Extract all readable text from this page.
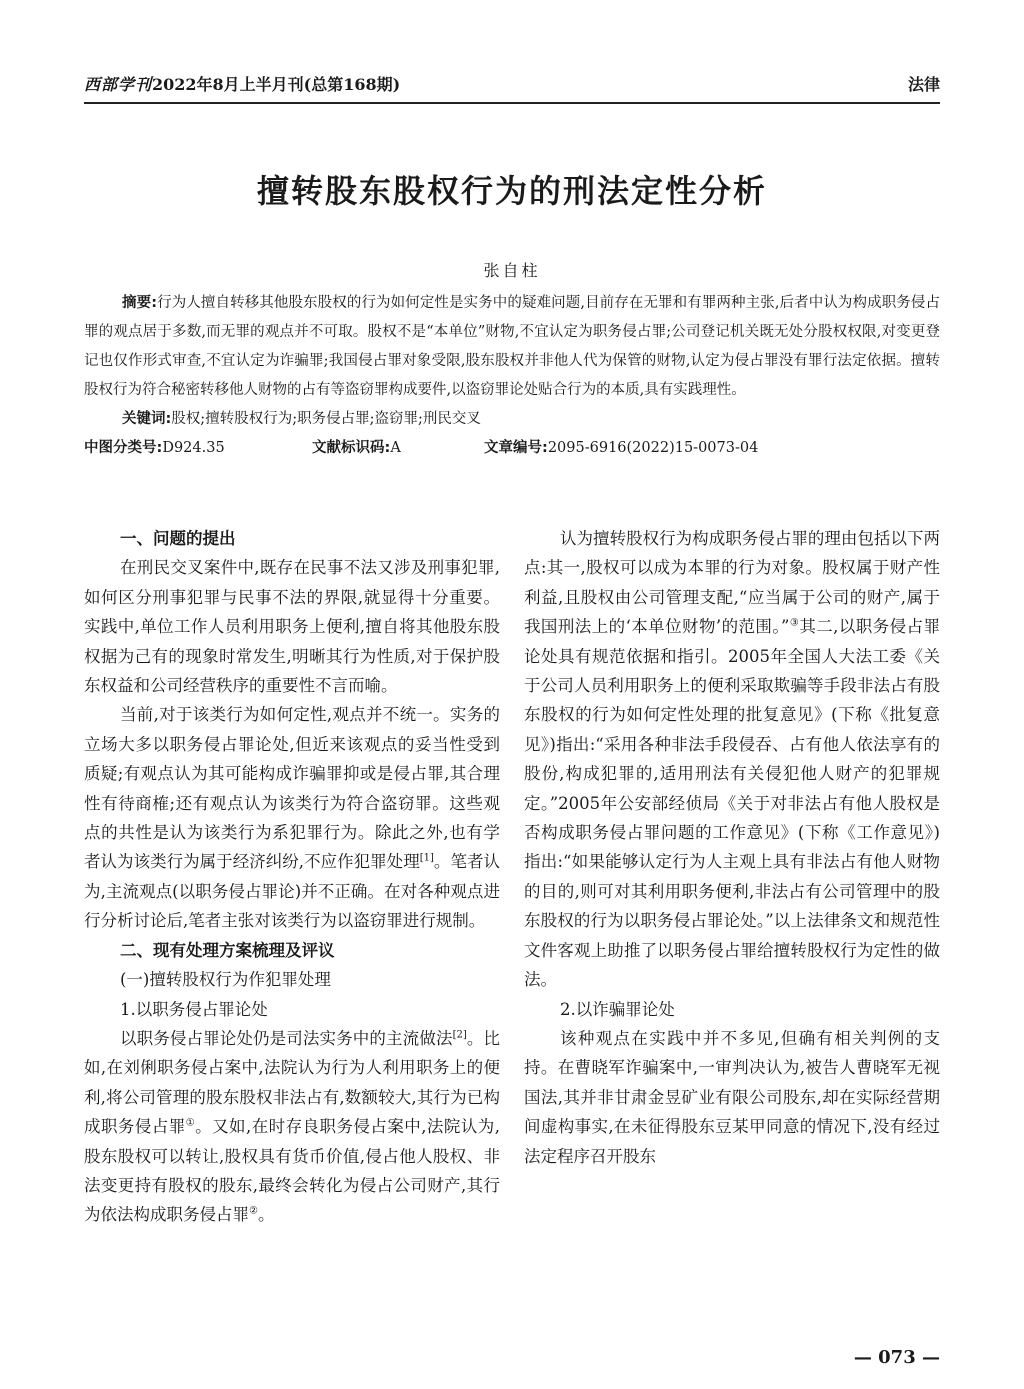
西部学刊2022年8月上半月刊(总第168期)	法律
擅转股东股权行为的刑法定性分析
张自柱

摘要:行为人擅自转移其他股东股权的行为如何定性是实务中的疑难问题,目前存在无罪和有罪两种主张,后者中认为构成职务侵占罪的观点居于多数,而无罪的观点并不可取。股权不是“本单位”财物,不宜认定为职务侵占罪;公司登记机关既无处分股权权限,对变更登记也仅作形式审查,不宜认定为诈骗罪;我国侵占罪对象受限,股东股权并非他人代为保管的财物,认定为侵占罪没有罪行法定依据。擅转股权行为符合秘密转移他人财物的占有等盗窃罪构成要件,以盗窃罪论处贴合行为的本质,具有实践理性。

关键词:股权;擅转股权行为;职务侵占罪;盗窃罪;刑民交叉

中图分类号:D924.35	文献标识码:A	文章编号:2095-6916(2022)15-0073-04

一、问题的提出

在刑民交叉案件中,既存在民事不法又涉及刑事犯罪,如何区分刑事犯罪与民事不法的界限,就显得十分重要。实践中,单位工作人员利用职务上便利,擅自将其他股东股权据为己有的现象时常发生,明晰其行为性质,对于保护股东权益和公司经营秩序的重要性不言而喻。

当前,对于该类行为如何定性,观点并不统一。实务的立场大多以职务侵占罪论处,但近来该观点的妥当性受到质疑;有观点认为其可能构成诈骗罪抑或是侵占罪,其合理性有待商榷;还有观点认为该类行为符合盗窃罪。这些观点的共性是认为该类行为系犯罪行为。除此之外,也有学者认为该类行为属于经济纠纷,不应作犯罪处理[1]。笔者认为,主流观点(以职务侵占罪论)并不正确。在对各种观点进行分析讨论后,笔者主张对该类行为以盗窃罪进行规制。

二、现有处理方案梳理及评议

(一)擅转股权行为作犯罪处理

1.以职务侵占罪论处

以职务侵占罪论处仍是司法实务中的主流做法[2]。比如,在刘俐职务侵占案中,法院认为行为人利用职务上的便利,将公司管理的股东股权非法占有,数额较大,其行为已构成职务侵占罪①。又如,在时存良职务侵占案中,法院认为,股东股权可以转让,股权具有货币价值,侵占他人股权、非法变更持有股权的股东,最终会转化为侵占公司财产,其行为依法构成职务侵占罪②。

认为擅转股权行为构成职务侵占罪的理由包括以下两点:其一,股权可以成为本罪的行为对象。股权属于财产性利益,且股权由公司管理支配,“应当属于公司的财产,属于我国刑法上的‘本单位财物’的范围。”③其二,以职务侵占罪论处具有规范依据和指引。2005年全国人大法工委《关于公司人员利用职务上的便利采取欺骗等手段非法占有股东股权的行为如何定性处理的批复意见》(下称《批复意见》)指出:“采用各种非法手段侵吞、占有他人依法享有的股份,构成犯罪的,适用刑法有关侵犯他人财产的犯罪规定。”2005年公安部经侦局《关于对非法占有他人股权是否构成职务侵占罪问题的工作意见》(下称《工作意见》)指出:“如果能够认定行为人主观上具有非法占有他人财物的目的,则可对其利用职务便利,非法占有公司管理中的股东股权的行为以职务侵占罪论处。”以上法律条文和规范性文件客观上助推了以职务侵占罪给擅转股权行为定性的做法。

2.以诈骗罪论处

该种观点在实践中并不多见,但确有相关判例的支持。在曹晓军诈骗案中,一审判决认为,被告人曹晓军无视国法,其并非甘肃金昱矿业有限公司股东,却在实际经营期间虚构事实,在未征得股东豆某甲同意的情况下,没有经过法定程序召开股东

— 073 —
